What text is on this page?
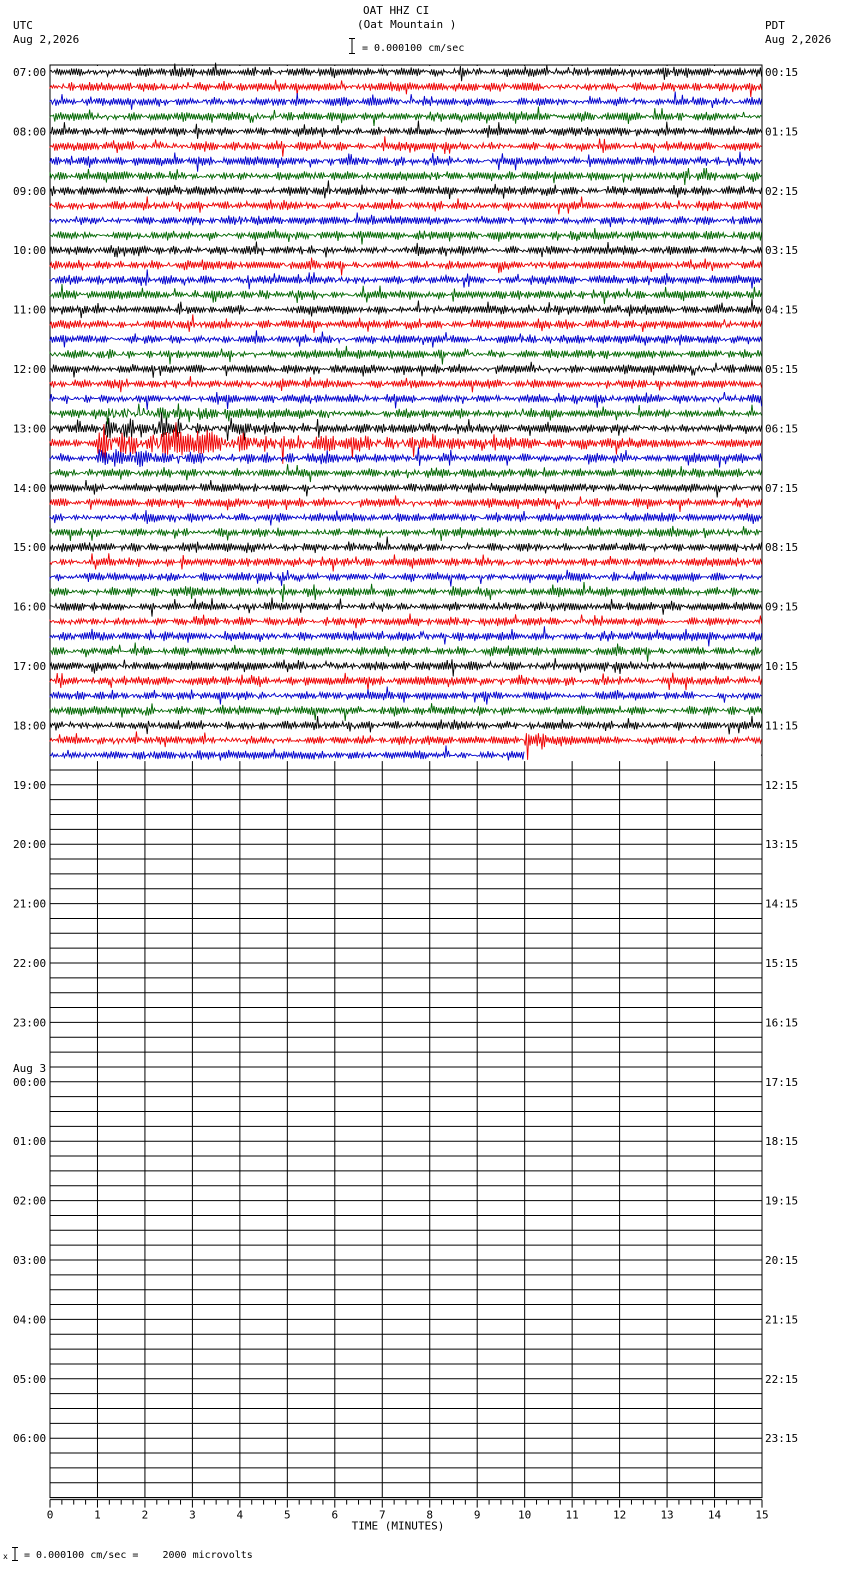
OAT HHZ CI
(Oat Mountain )
UTC
Aug 2,2026
PDT
Aug 2,2026

= 0.000100 cm/sec
07:00
08:00
09:00
10:00
11:00
12:00
13:00
14:00
15:00
16:00
17:00
18:00
19:00
20:00
21:00
22:00
23:00
Aug 3
00:00
01:00
02:00
03:00
04:00
05:00
06:00
00:15
01:15
02:15
03:15
04:15
05:15
06:15
07:15
08:15
09:15
10:15
11:15
12:15
13:15
14:15
15:15
16:15
17:15
18:15
19:15
20:15
21:15
22:15
23:15
0	1	2	3	4	5	6	7	8	9	10	11	12	13	14	15
TIME (MINUTES)

x = 0.000100 cm/sec =    2000 microvolts
